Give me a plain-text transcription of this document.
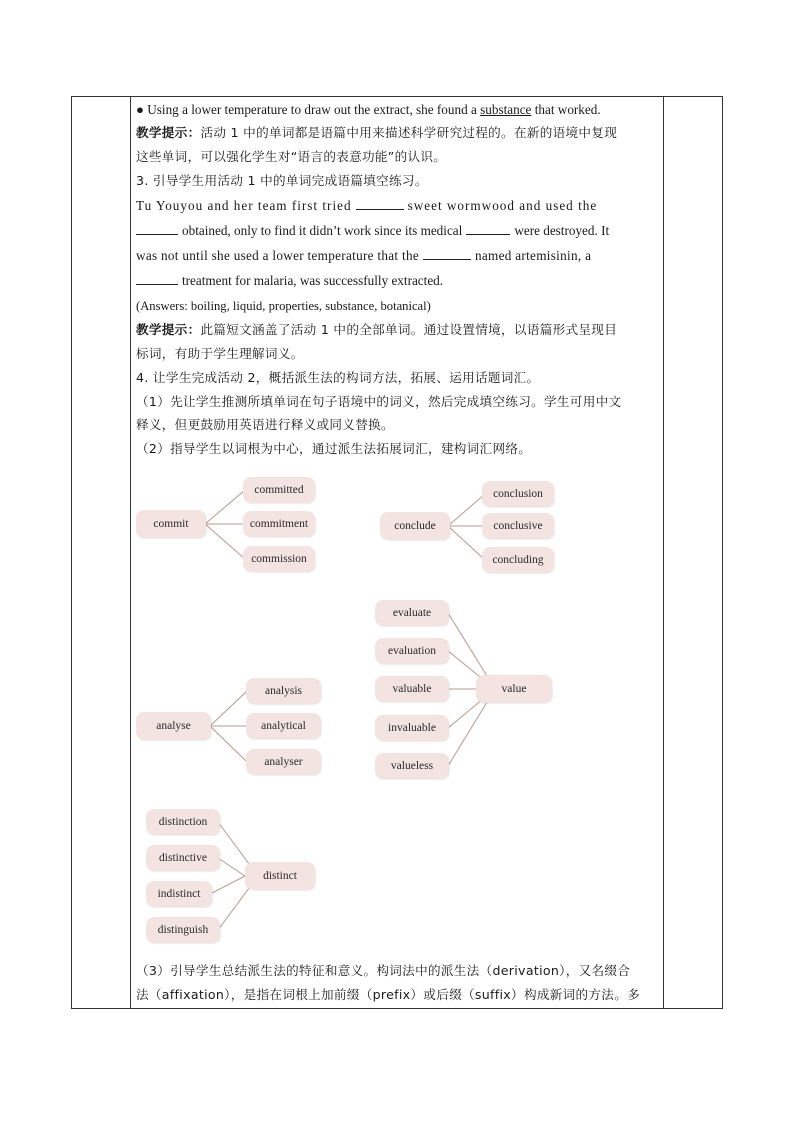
● Using a lower temperature to draw out the extract, she found a substance that worked.
教学提示：活动 1 中的单词都是语篇中用来描述科学研究过程的。在新的语境中复现
这些单词，可以强化学生对“语言的表意功能”的认识。
3. 引导学生用活动 1 中的单词完成语篇填空练习。
Tu Youyou and her team first tried	sweet wormwood and used the
obtained, only to find it didn’t work since its medical	were destroyed. It
was not until she used a lower temperature that the	named artemisinin, a
treatment for malaria, was successfully extracted.
(Answers: boiling, liquid, properties, substance, botanical)
教学提示：此篇短文涵盖了活动 1 中的全部单词。通过设置情境，以语篇形式呈现目
标词，有助于学生理解词义。
4. 让学生完成活动 2，概括派生法的构词方法，拓展、运用话题词汇。
（1）先让学生推测所填单词在句子语境中的词义，然后完成填空练习。学生可用中文
释义，但更鼓励用英语进行释义或同义替换。
（2）指导学生以词根为中心，通过派生法拓展词汇，建构词汇网络。
（3）引导学生总结派生法的特征和意义。构词法中的派生法（derivation），又名缀合
法（affixation），是指在词根上加前缀（prefix）或后缀（suffix）构成新词的方法。多
commit
committed
commitment
commission
conclude
conclusion
conclusive
concluding
evaluate
evaluation
valuable
invaluable
valueless
value
analyse
analysis
analytical
analyser
distinction
distinctive
indistinct
distinguish
distinct
